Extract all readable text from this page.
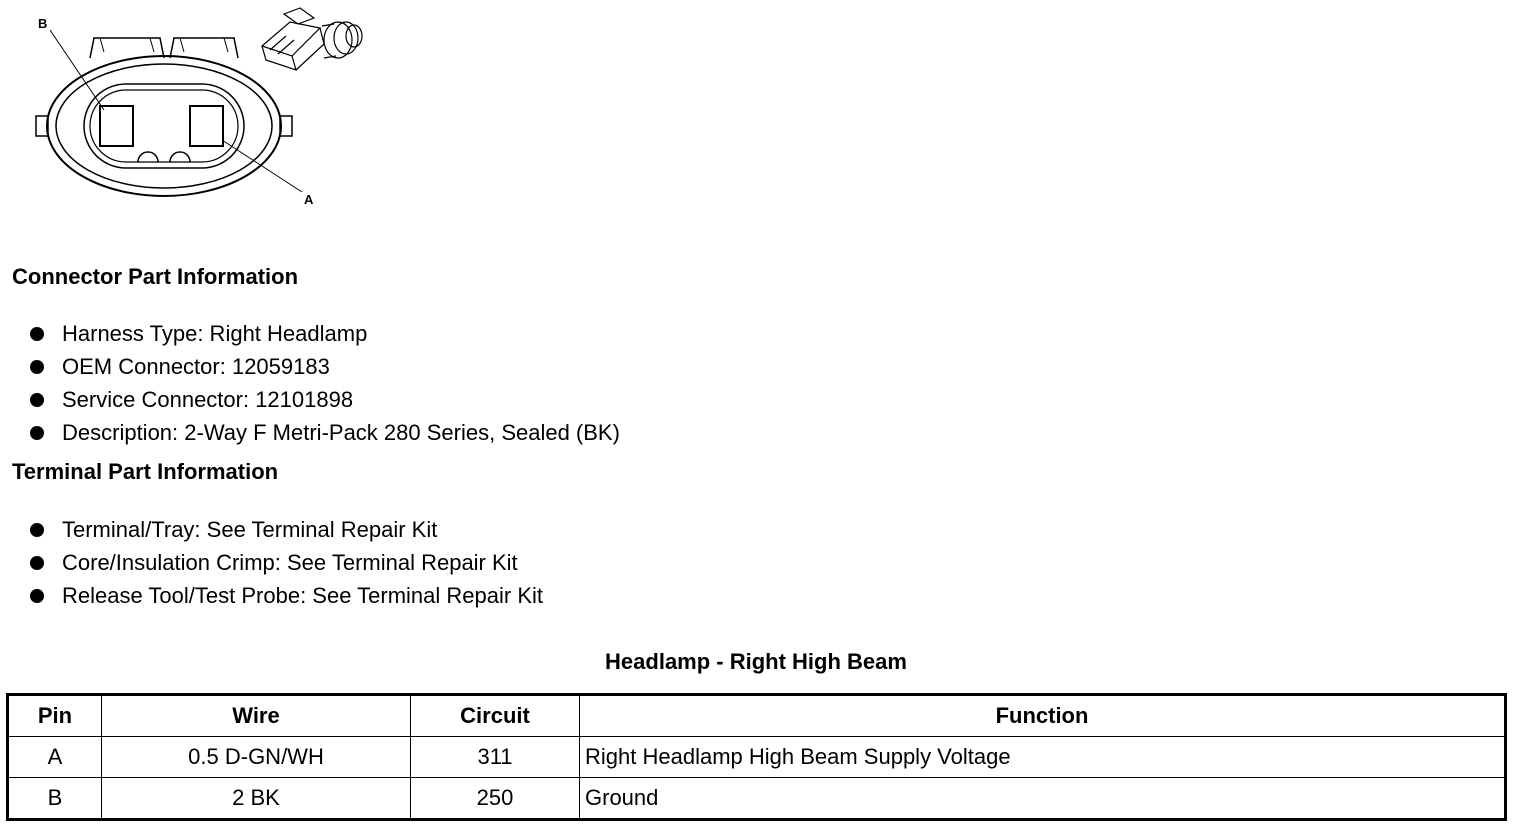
B
A
Connector Part Information
Harness Type: Right Headlamp
OEM Connector: 12059183
Service Connector: 12101898
Description: 2-Way F Metri-Pack 280 Series, Sealed (BK)
Terminal Part Information
Terminal/Tray: See Terminal Repair Kit
Core/Insulation Crimp: See Terminal Repair Kit
Release Tool/Test Probe: See Terminal Repair Kit
Headlamp - Right High Beam
Pin	Wire	Circuit	Function
A	0.5 D-GN/WH	311	Right Headlamp High Beam Supply Voltage
B	2 BK	250	Ground
